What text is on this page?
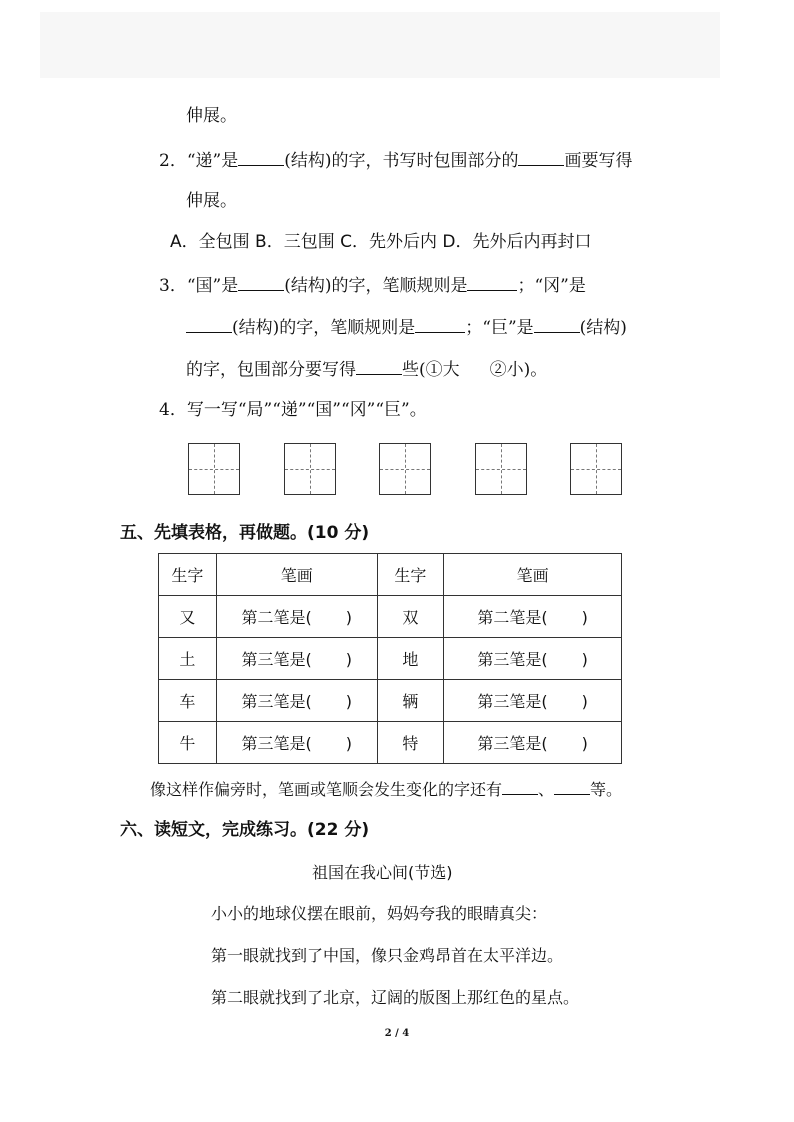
伸展。
2．“递”是	(结构)的字，书写时包围部分的	画要写得
伸展。
A．全包围 B．三包围 C．先外后内 D．先外后内再封口
3．“国”是	(结构)的字，笔顺规则是	；“冈”是
(结构)的字，笔顺规则是	；“巨”是	(结构)
的字，包围部分要写得	些(①大 ②小)。
4．写一写“局”“递”“国”“冈”“巨”。
五、先填表格，再做题。(10 分)
生字	笔画	生字	笔画
又	第二笔是( )	双	第二笔是( )
土	第三笔是( )	地	第三笔是( )
车	第三笔是( )	辆	第三笔是( )
牛	第三笔是( )	特	第三笔是( )
像这样作偏旁时，笔画或笔顺会发生变化的字还有 、 等。
六、读短文，完成练习。(22 分)
祖国在我心间(节选)
小小的地球仪摆在眼前，妈妈夸我的眼睛真尖：
第一眼就找到了中国，像只金鸡昂首在太平洋边。
第二眼就找到了北京，辽阔的版图上那红色的星点。
2 / 4
